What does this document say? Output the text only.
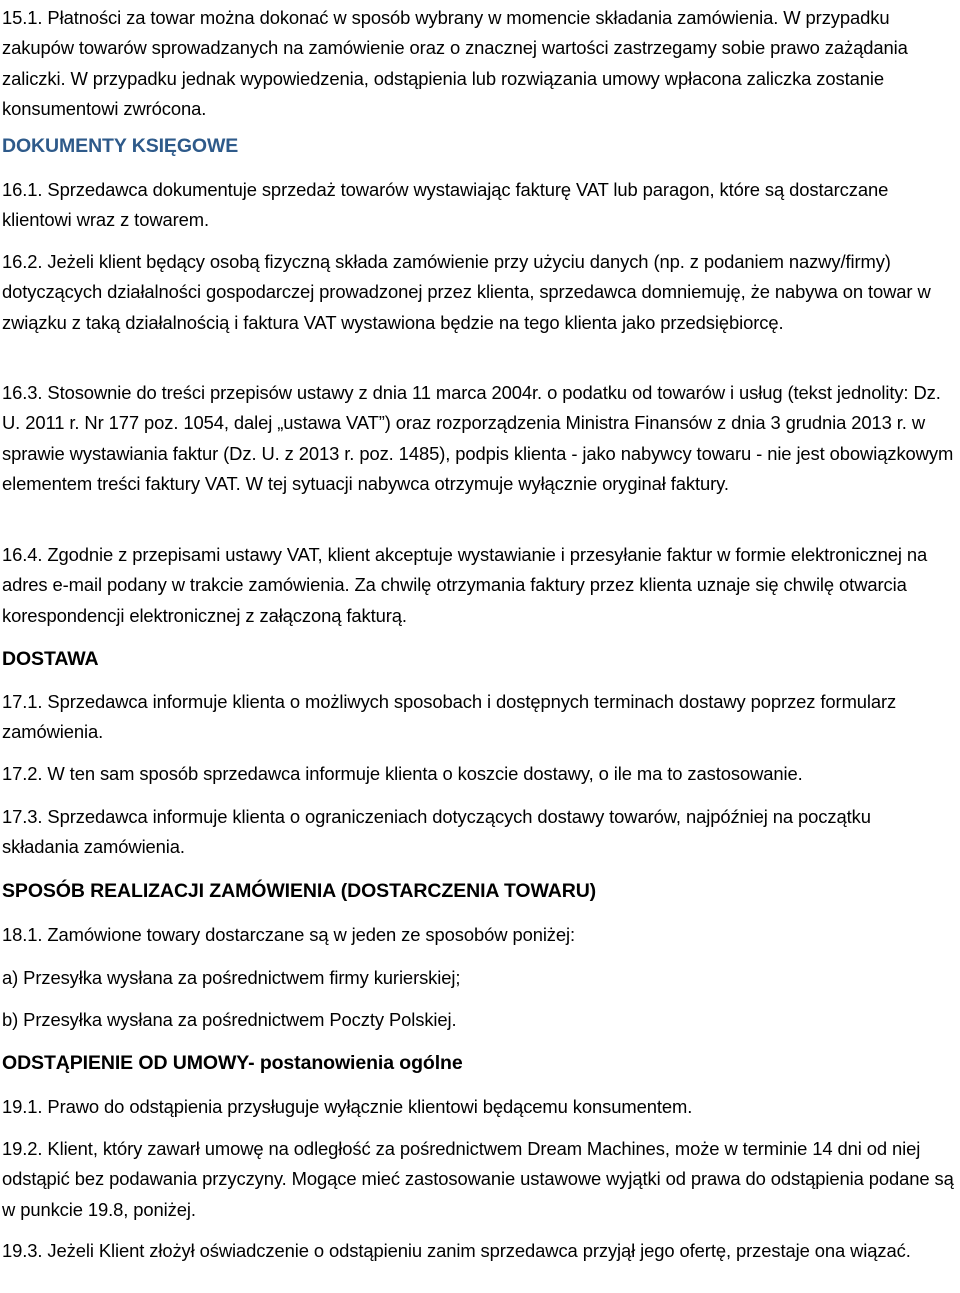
15.1. Płatności za towar można dokonać w sposób wybrany w momencie składania zamówienia. W przypadku zakupów towarów sprowadzanych na zamówienie oraz o znacznej wartości zastrzegamy sobie prawo zażądania zaliczki. W przypadku jednak wypowiedzenia, odstąpienia lub rozwiązania umowy wpłacona zaliczka zostanie konsumentowi zwrócona.

DOKUMENTY KSIĘGOWE

16.1. Sprzedawca dokumentuje sprzedaż towarów wystawiając fakturę VAT lub paragon, które są dostarczane klientowi wraz z towarem.

16.2. Jeżeli klient będący osobą fizyczną składa zamówienie przy użyciu danych (np. z podaniem nazwy/firmy) dotyczących działalności gospodarczej prowadzonej przez klienta, sprzedawca domniemuję, że nabywa on towar w związku z taką działalnością i faktura VAT wystawiona będzie na tego klienta jako przedsiębiorcę.

16.3. Stosownie do treści przepisów ustawy z dnia 11 marca 2004r. o podatku od towarów i usług (tekst jednolity: Dz. U. 2011 r. Nr 177 poz. 1054, dalej „ustawa VAT”) oraz rozporządzenia Ministra Finansów z dnia 3 grudnia 2013 r. w sprawie wystawiania faktur (Dz. U. z 2013 r. poz. 1485), podpis klienta - jako nabywcy towaru - nie jest obowiązkowym elementem treści faktury VAT. W tej sytuacji nabywca otrzymuje wyłącznie oryginał faktury.

16.4. Zgodnie z przepisami ustawy VAT, klient akceptuje wystawianie i przesyłanie faktur w formie elektronicznej na adres e-mail podany w trakcie zamówienia. Za chwilę otrzymania faktury przez klienta uznaje się chwilę otwarcia korespondencji elektronicznej z załączoną fakturą.

DOSTAWA

17.1. Sprzedawca informuje klienta o możliwych sposobach i dostępnych terminach dostawy poprzez formularz zamówienia.

17.2. W ten sam sposób sprzedawca informuje klienta o koszcie dostawy, o ile ma to zastosowanie.

17.3. Sprzedawca informuje klienta o ograniczeniach dotyczących dostawy towarów, najpóźniej na początku składania zamówienia.

SPOSÓB REALIZACJI ZAMÓWIENIA (DOSTARCZENIA TOWARU)

18.1. Zamówione towary dostarczane są w jeden ze sposobów poniżej:

a) Przesyłka wysłana za pośrednictwem firmy kurierskiej;

b) Przesyłka wysłana za pośrednictwem Poczty Polskiej.

ODSTĄPIENIE OD UMOWY- postanowienia ogólne

19.1. Prawo do odstąpienia przysługuje wyłącznie klientowi będącemu konsumentem.

19.2. Klient, który zawarł umowę na odległość za pośrednictwem Dream Machines, może w terminie 14 dni od niej odstąpić bez podawania przyczyny. Mogące mieć zastosowanie ustawowe wyjątki od prawa do odstąpienia podane są w punkcie 19.8, poniżej.

19.3. Jeżeli Klient złożył oświadczenie o odstąpieniu zanim sprzedawca przyjął jego ofertę, przestaje ona wiązać.
